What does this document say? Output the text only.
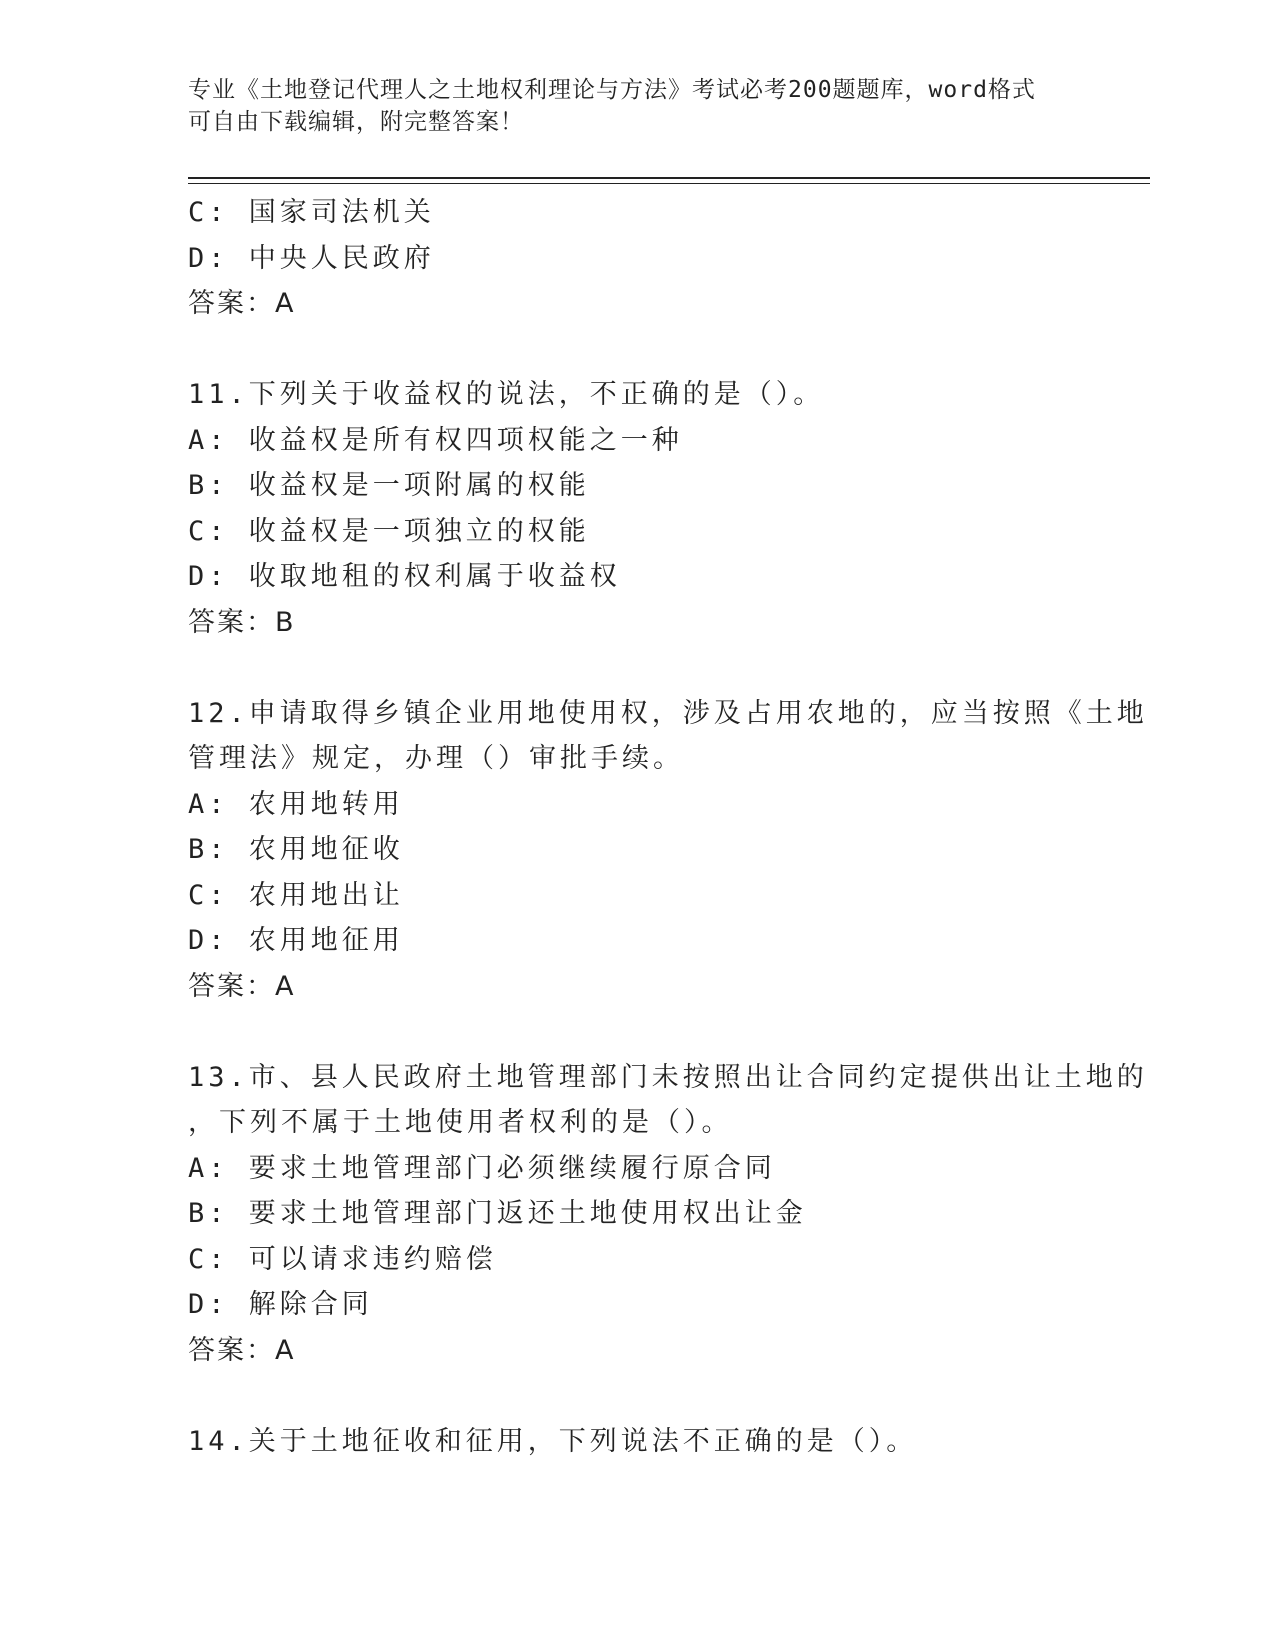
专业《土地登记代理人之土地权利理论与方法》考试必考200题题库，word格式
可自由下载编辑，附完整答案！
C: 国家司法机关
D: 中央人民政府
答案：A
11.下列关于收益权的说法，不正确的是（）。
A: 收益权是所有权四项权能之一种
B: 收益权是一项附属的权能
C: 收益权是一项独立的权能
D: 收取地租的权利属于收益权
答案：B
12.申请取得乡镇企业用地使用权，涉及占用农地的，应当按照《土地
管理法》规定，办理（）审批手续。
A: 农用地转用
B: 农用地征收
C: 农用地出让
D: 农用地征用
答案：A
13.市、县人民政府土地管理部门未按照出让合同约定提供出让土地的
，下列不属于土地使用者权利的是（）。
A: 要求土地管理部门必须继续履行原合同
B: 要求土地管理部门返还土地使用权出让金
C: 可以请求违约赔偿
D: 解除合同
答案：A
14.关于土地征收和征用，下列说法不正确的是（）。
